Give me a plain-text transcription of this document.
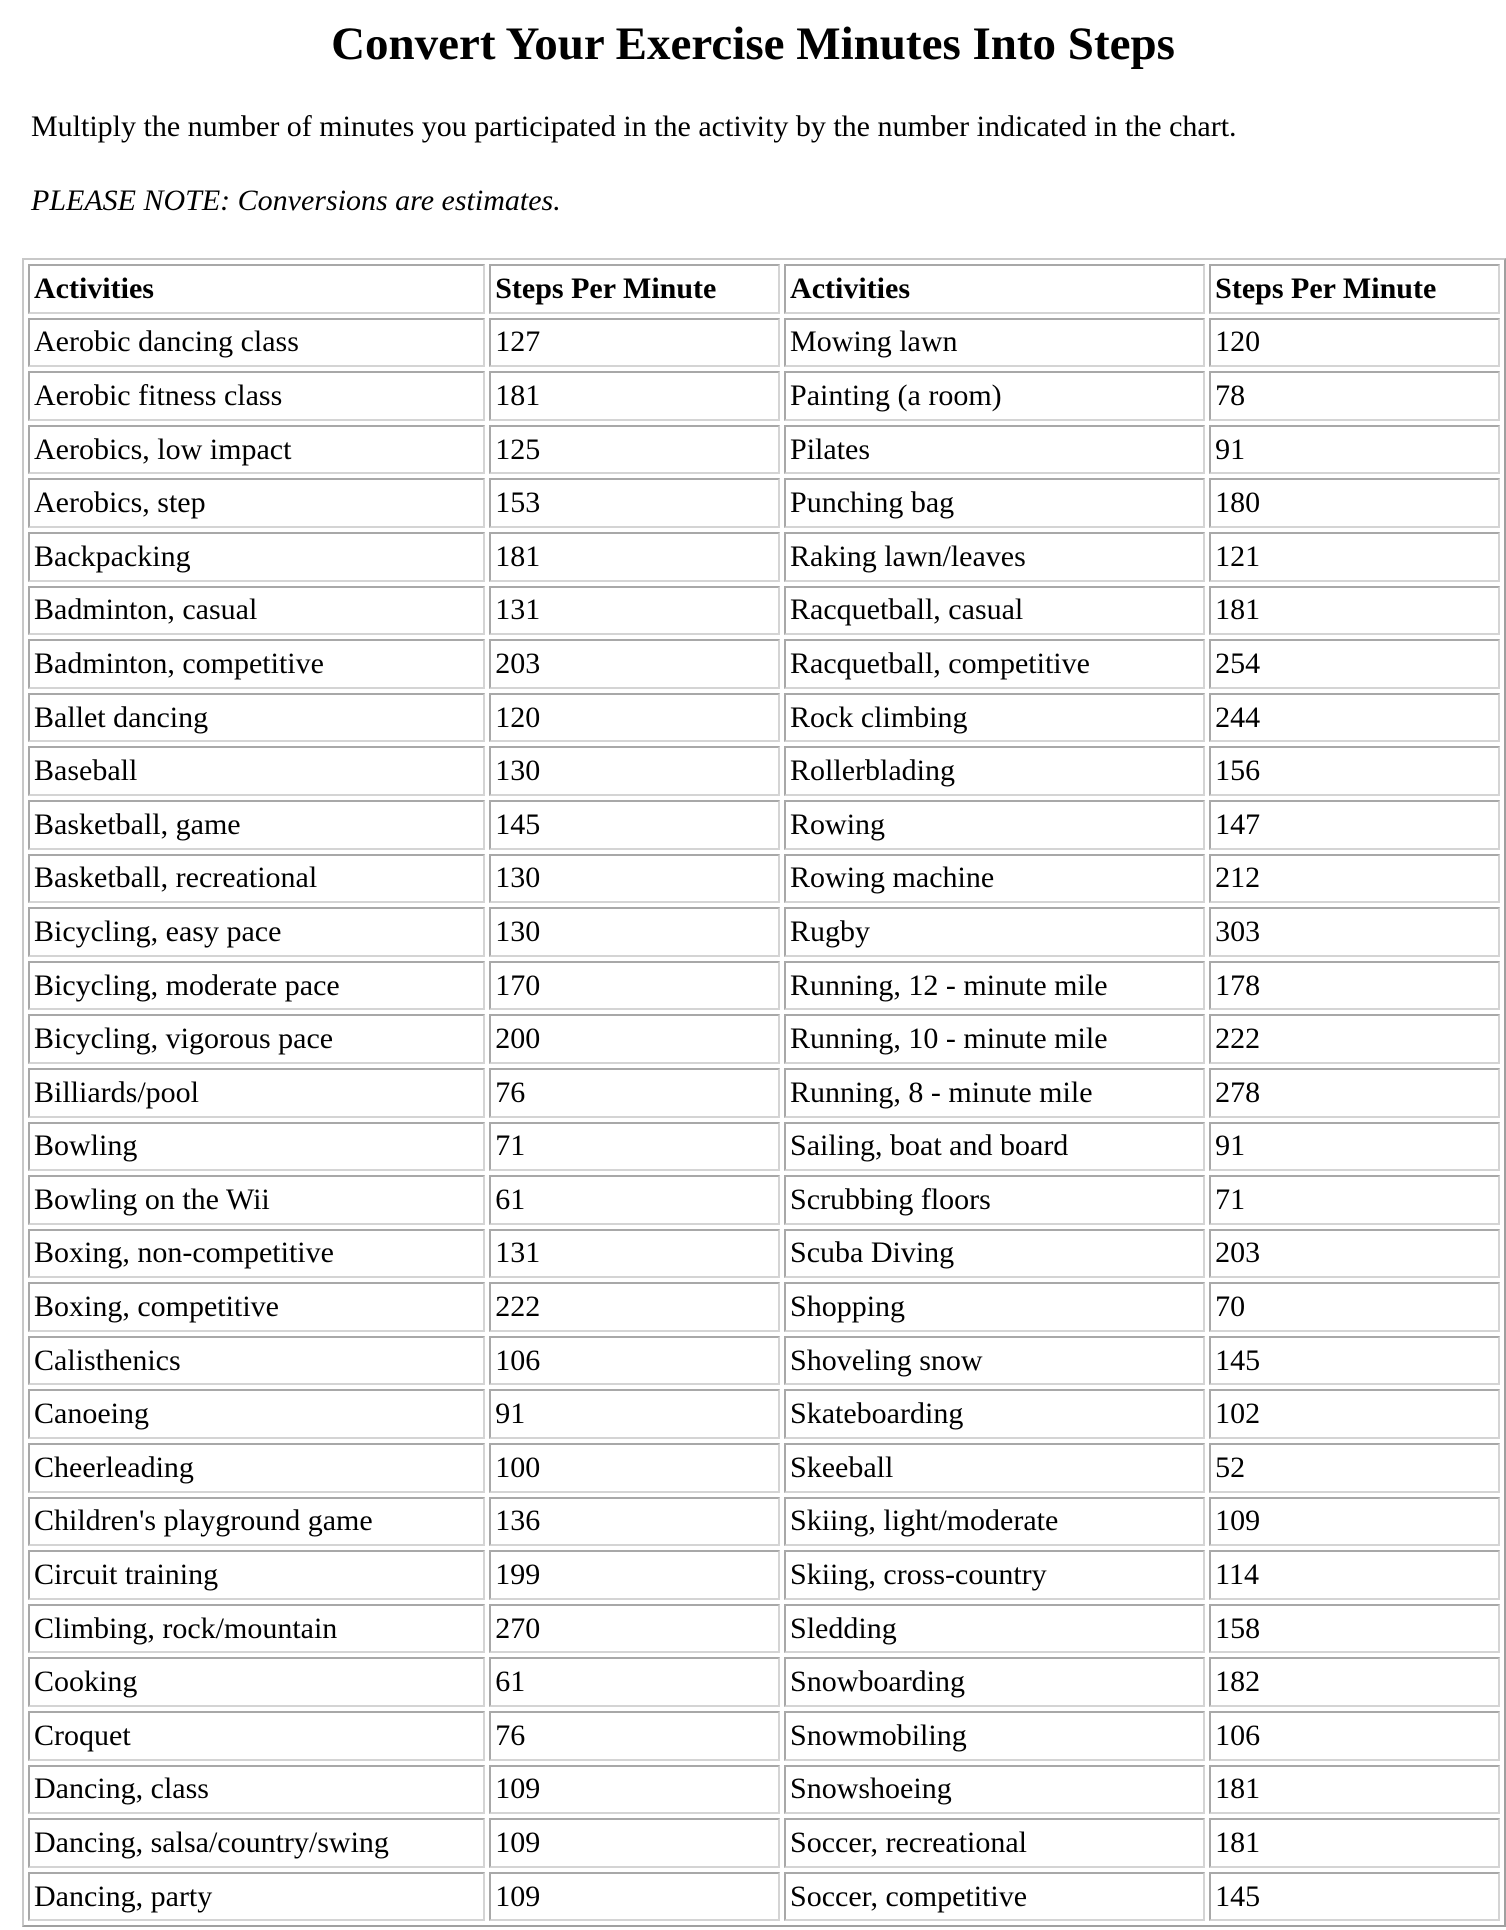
Convert Your Exercise Minutes Into Steps

Multiply the number of minutes you participated in the activity by the number indicated in the chart.

PLEASE NOTE: Conversions are estimates.

Activities	Steps Per Minute	Activities	Steps Per Minute
Aerobic dancing class	127	Mowing lawn	120
Aerobic fitness class	181	Painting (a room)	78
Aerobics, low impact	125	Pilates	91
Aerobics, step	153	Punching bag	180
Backpacking	181	Raking lawn/leaves	121
Badminton, casual	131	Racquetball, casual	181
Badminton, competitive	203	Racquetball, competitive	254
Ballet dancing	120	Rock climbing	244
Baseball	130	Rollerblading	156
Basketball, game	145	Rowing	147
Basketball, recreational	130	Rowing machine	212
Bicycling, easy pace	130	Rugby	303
Bicycling, moderate pace	170	Running, 12 - minute mile	178
Bicycling, vigorous pace	200	Running, 10 - minute mile	222
Billiards/pool	76	Running, 8 - minute mile	278
Bowling	71	Sailing, boat and board	91
Bowling on the Wii	61	Scrubbing floors	71
Boxing, non-competitive	131	Scuba Diving	203
Boxing, competitive	222	Shopping	70
Calisthenics	106	Shoveling snow	145
Canoeing	91	Skateboarding	102
Cheerleading	100	Skeeball	52
Children's playground game	136	Skiing, light/moderate	109
Circuit training	199	Skiing, cross-country	114
Climbing, rock/mountain	270	Sledding	158
Cooking	61	Snowboarding	182
Croquet	76	Snowmobiling	106
Dancing, class	109	Snowshoeing	181
Dancing, salsa/country/swing	109	Soccer, recreational	181
Dancing, party	109	Soccer, competitive	145
